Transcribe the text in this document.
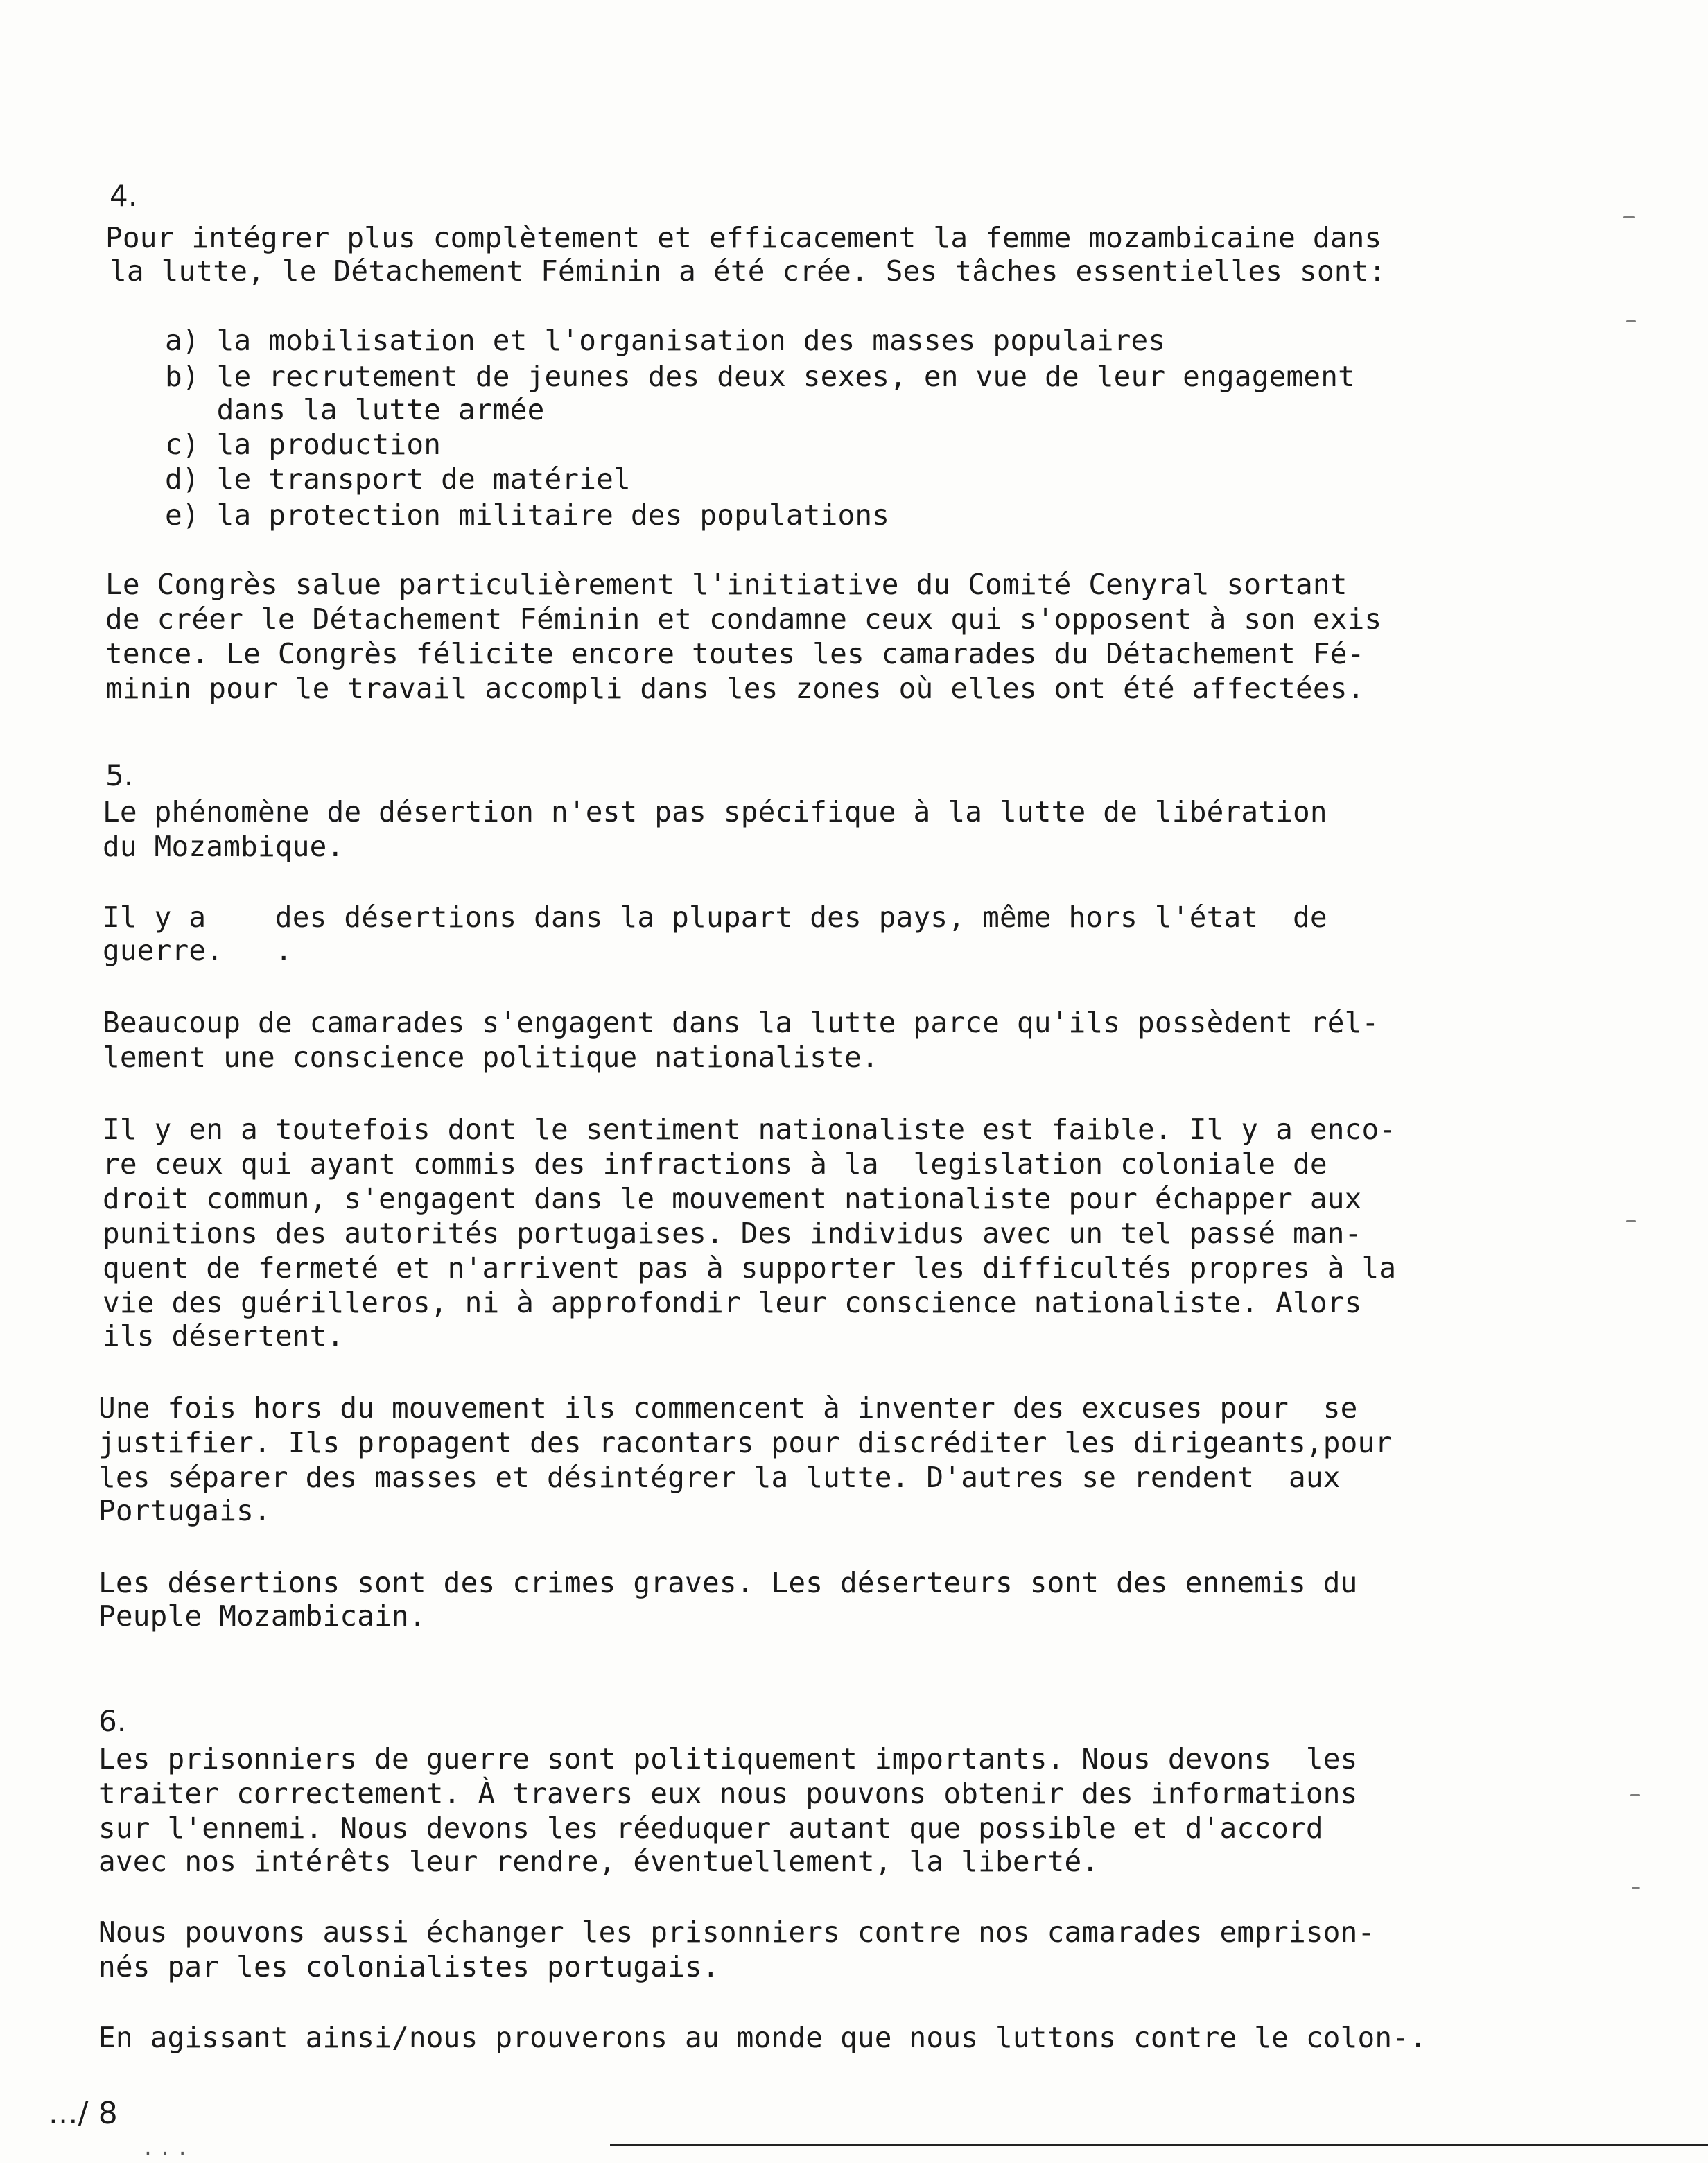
4.
Pour intégrer plus complètement et efficacement la femme mozambicaine dans
la lutte, le Détachement Féminin a été crée. Ses tâches essentielles sont:
a) la mobilisation et l'organisation des masses populaires
b) le recrutement de jeunes des deux sexes, en vue de leur engagement
dans la lutte armée
c) la production
d) le transport de matériel
e) la protection militaire des populations
Le Congrès salue particulièrement l'initiative du Comité Cenyral sortant
de créer le Détachement Féminin et condamne ceux qui s'opposent à son exis
tence. Le Congrès félicite encore toutes les camarades du Détachement Fé-
minin pour le travail accompli dans les zones où elles ont été affectées.
5.
Le phénomène de désertion n'est pas spécifique à la lutte de libération
du Mozambique.
Il y a    des désertions dans la plupart des pays, même hors l'état  de
guerre.   .
Beaucoup de camarades s'engagent dans la lutte parce qu'ils possèdent rél-
lement une conscience politique nationaliste.
Il y en a toutefois dont le sentiment nationaliste est faible. Il y a enco-
re ceux qui ayant commis des infractions à la  legislation coloniale de
droit commun, s'engagent dans le mouvement nationaliste pour échapper aux
punitions des autorités portugaises. Des individus avec un tel passé man-
quent de fermeté et n'arrivent pas à supporter les difficultés propres à la
vie des guérilleros, ni à approfondir leur conscience nationaliste. Alors
ils désertent.
Une fois hors du mouvement ils commencent à inventer des excuses pour  se
justifier. Ils propagent des racontars pour discréditer les dirigeants,pour
les séparer des masses et désintégrer la lutte. D'autres se rendent  aux
Portugais.
Les désertions sont des crimes graves. Les déserteurs sont des ennemis du
Peuple Mozambicain.
6.
Les prisonniers de guerre sont politiquement importants. Nous devons  les
traiter correctement. À travers eux nous pouvons obtenir des informations
sur l'ennemi. Nous devons les réeduquer autant que possible et d'accord
avec nos intérêts leur rendre, éventuellement, la liberté.
Nous pouvons aussi échanger les prisonniers contre nos camarades emprison-
nés par les colonialistes portugais.
En agissant ainsi/nous prouverons au monde que nous luttons contre le colon-.
.../ 8
...
